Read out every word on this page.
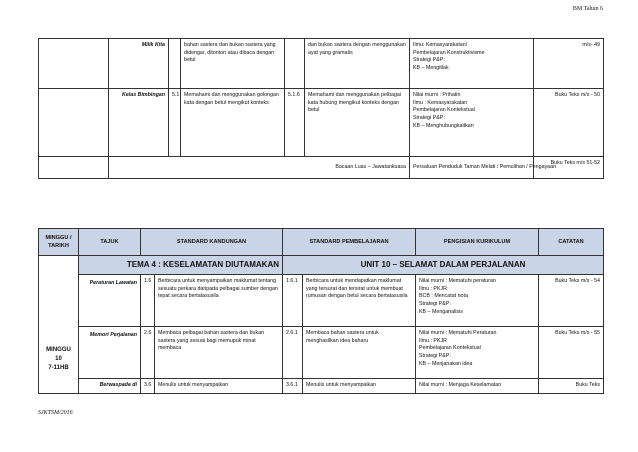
BM Tahun 6
	Milik Kita		bahan sastera dan bukan sastera yang didengar, ditonton atau dibaca dengan betul		dan bukan sastera dengan menggunakan ayat yang gramatis	Ilmu: Kemasyarakatan/
Pembelajaran Konstruktivisme
Strategi P&P:
KB – Mengitlak	m/s- 49
	Kelas Bimbingan	5.1	Memahami dan menggunakan golongan kata dengan betul mengikut konteks	5.1.6	Memahami dan menggunakan pelbagai kata hubung mengikut konteks dengan betul	Nilai murni : Prihatin
Ilmu : Kemasyarakatan
Pembelajaran Kontekstual
Strategi P&P:
KB – Menghubungkaitkan	Buku Teks m/s - 50
	Bacaan Luas – Jawatankuasa					Persatuan Penduduk Taman Melati / Pemulihan / Pengayaan	Buku Teks m/s 51-52
MINGGU / TARIKH	TAJUK	STANDARD KANDUNGAN		STANDARD PEMBELAJARAN		PENGISIAN KURIKULUM	CATATAN

MINGGU
10
7-11HB	TEMA 4 : KESELAMATAN DIUTAMAKAN			UNIT 10 – SELAMAT DALAM PERJALANAN			
	Peraturan Lawatan	1.6	Berbicara untuk menyampaikan maklumat tentang sesuatu perkara daripada pelbagai sumber dengan tepat secara bertatasusila	1.6.1	Berbicara untuk mendapatkan maklumat yang tersurat dan tersirat untuk membuat rumusan dengan betul secara bertatasusila	Nilai murni : Mematuhi peraturan
Ilmu : PKJR
BCB : Mencatat nota
Strategi P&P:
KB – Menganalisis	Buku Teks m/s - 54
	Memori Perjalanan	2.6	Membaca pelbagai bahan sastera dan bukan sastera yang sesuai bagi memupuk minat membaca	2.6.1	Membaca bahan sastera untuk menghasilkan idea baharu	Nilai murni : Mematuhi Peraturan
Ilmu : PKJR
Pembelajaran Kontekstual
Strategi P&P:
KB – Menjanakan idea	Buku Teks m/s - 55
	Berwaspada di	3.6	Menulis untuk menyampaikan	3.6.1	Menulis untuk menyampaikan	Nilai murni : Menjaga Keselamatan	Buku Teks
SJKTSM/2016
